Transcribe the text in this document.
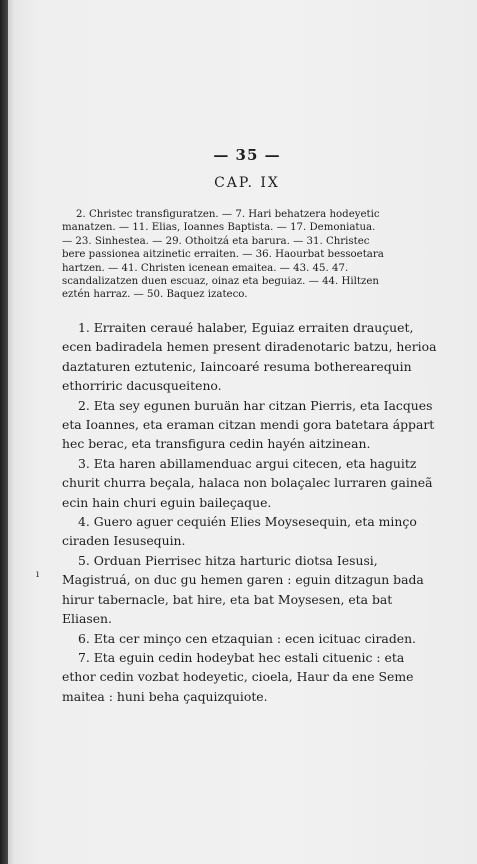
ı
— 35 —
CAP. IX
2. Christec transfiguratzen. — 7. Hari behatzera hodeyetic
manatzen. — 11. Elias, Ioannes Baptista. — 17. Demoniatua.
— 23. Sinhestea. — 29. Othoitzá eta barura. — 31. Christec
bere passionea aitzinetic erraiten. — 36. Haourbat bessoetara
hartzen. — 41. Christen icenean emaitea. — 43. 45. 47.
scandalizatzen duen escuaz, oinaz eta beguiaz. — 44. Hiltzen
eztén harraz. — 50. Baquez izateco.
1. Erraiten ceraué halaber, Eguiaz erraiten drauçuet,
ecen badiradela hemen present diradenotaric batzu, herioa
daztaturen eztutenic, Iaincoaré resuma botherearequin
ethorriric dacusqueiteno.
2. Eta sey egunen buruän har citzan Pierris, eta Iacques
eta Ioannes, eta eraman citzan mendi gora batetara áppart
hec berac, eta transfigura cedin hayén aitzinean.
3. Eta haren abillamenduac argui citecen, eta haguitz
churit churra beçala, halaca non bolaçalec lurraren gaineã
ecin hain churi eguin baileçaque.
4. Guero aguer cequién Elies Moysesequin, eta minço
ciraden Iesusequin.
5. Orduan Pierrisec hitza harturic diotsa Iesusi,
Magistruá, on duc gu hemen garen : eguin ditzagun bada
hirur tabernacle, bat hire, eta bat Moysesen, eta bat
Eliasen.
6. Eta cer minço cen etzaquian : ecen icituac ciraden.
7. Eta eguin cedin hodeybat hec estali cituenic : eta
ethor cedin vozbat hodeyetic, cioela, Haur da ene Seme
maitea : huni beha çaquizquiote.
